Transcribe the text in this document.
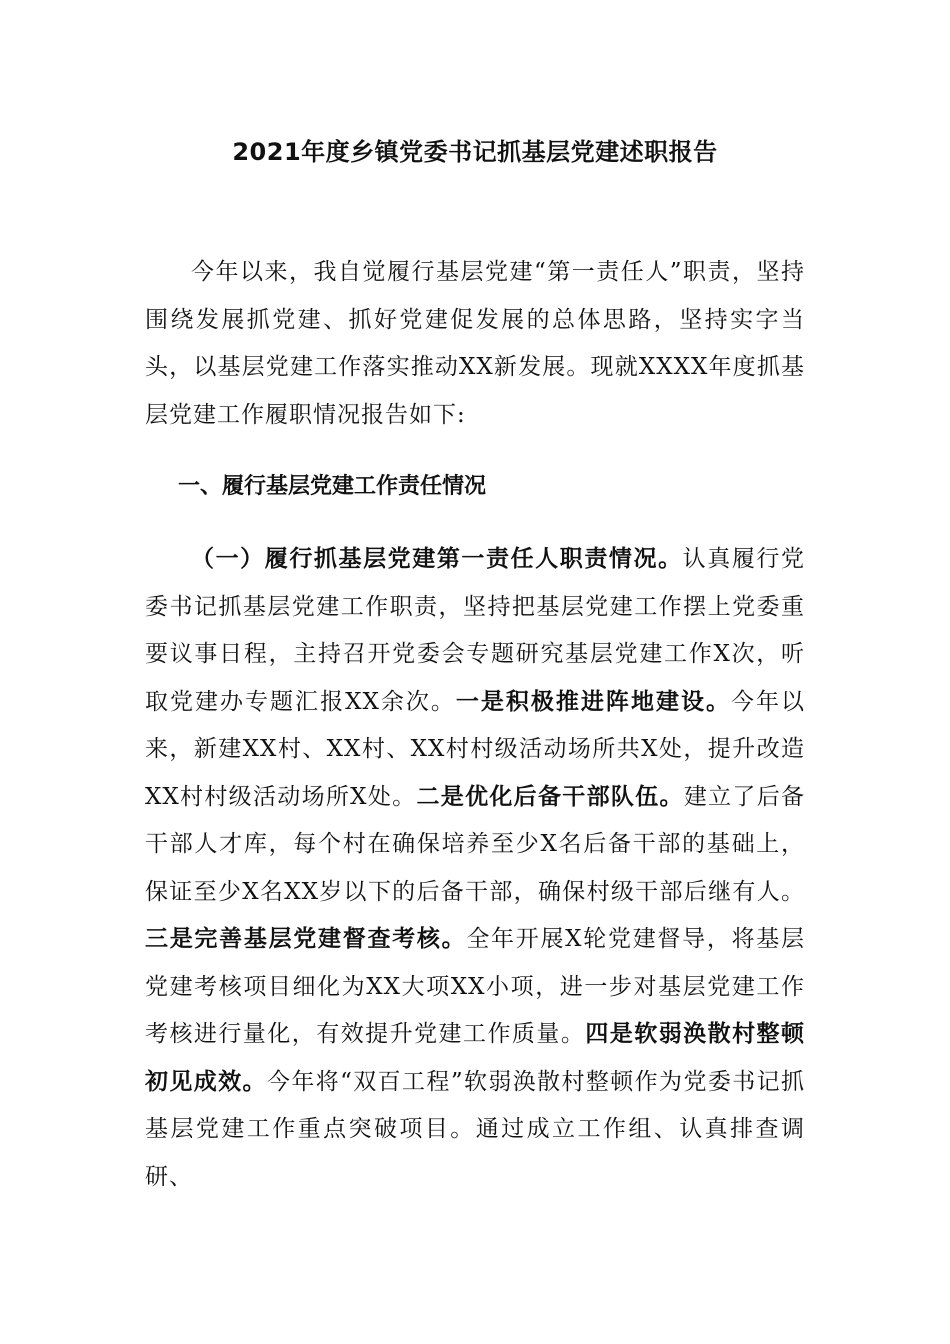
2021年度乡镇党委书记抓基层党建述职报告

今年以来，我自觉履行基层党建“第一责任人”职责，坚持围绕发展抓党建、抓好党建促发展的总体思路，坚持实字当头，以基层党建工作落实推动XX新发展。现就XXXX年度抓基层党建工作履职情况报告如下:

一、履行基层党建工作责任情况

（一）履行抓基层党建第一责任人职责情况。认真履行党委书记抓基层党建工作职责，坚持把基层党建工作摆上党委重要议事日程，主持召开党委会专题研究基层党建工作X次，听取党建办专题汇报XX余次。一是积极推进阵地建设。今年以来，新建XX村、XX村、XX村村级活动场所共X处，提升改造XX村村级活动场所X处。二是优化后备干部队伍。建立了后备干部人才库，每个村在确保培养至少X名后备干部的基础上，保证至少X名XX岁以下的后备干部，确保村级干部后继有人。三是完善基层党建督查考核。全年开展X轮党建督导，将基层党建考核项目细化为XX大项XX小项，进一步对基层党建工作考核进行量化，有效提升党建工作质量。四是软弱涣散村整顿初见成效。今年将“双百工程”软弱涣散村整顿作为党委书记抓基层党建工作重点突破项目。通过成立工作组、认真排查调研、
